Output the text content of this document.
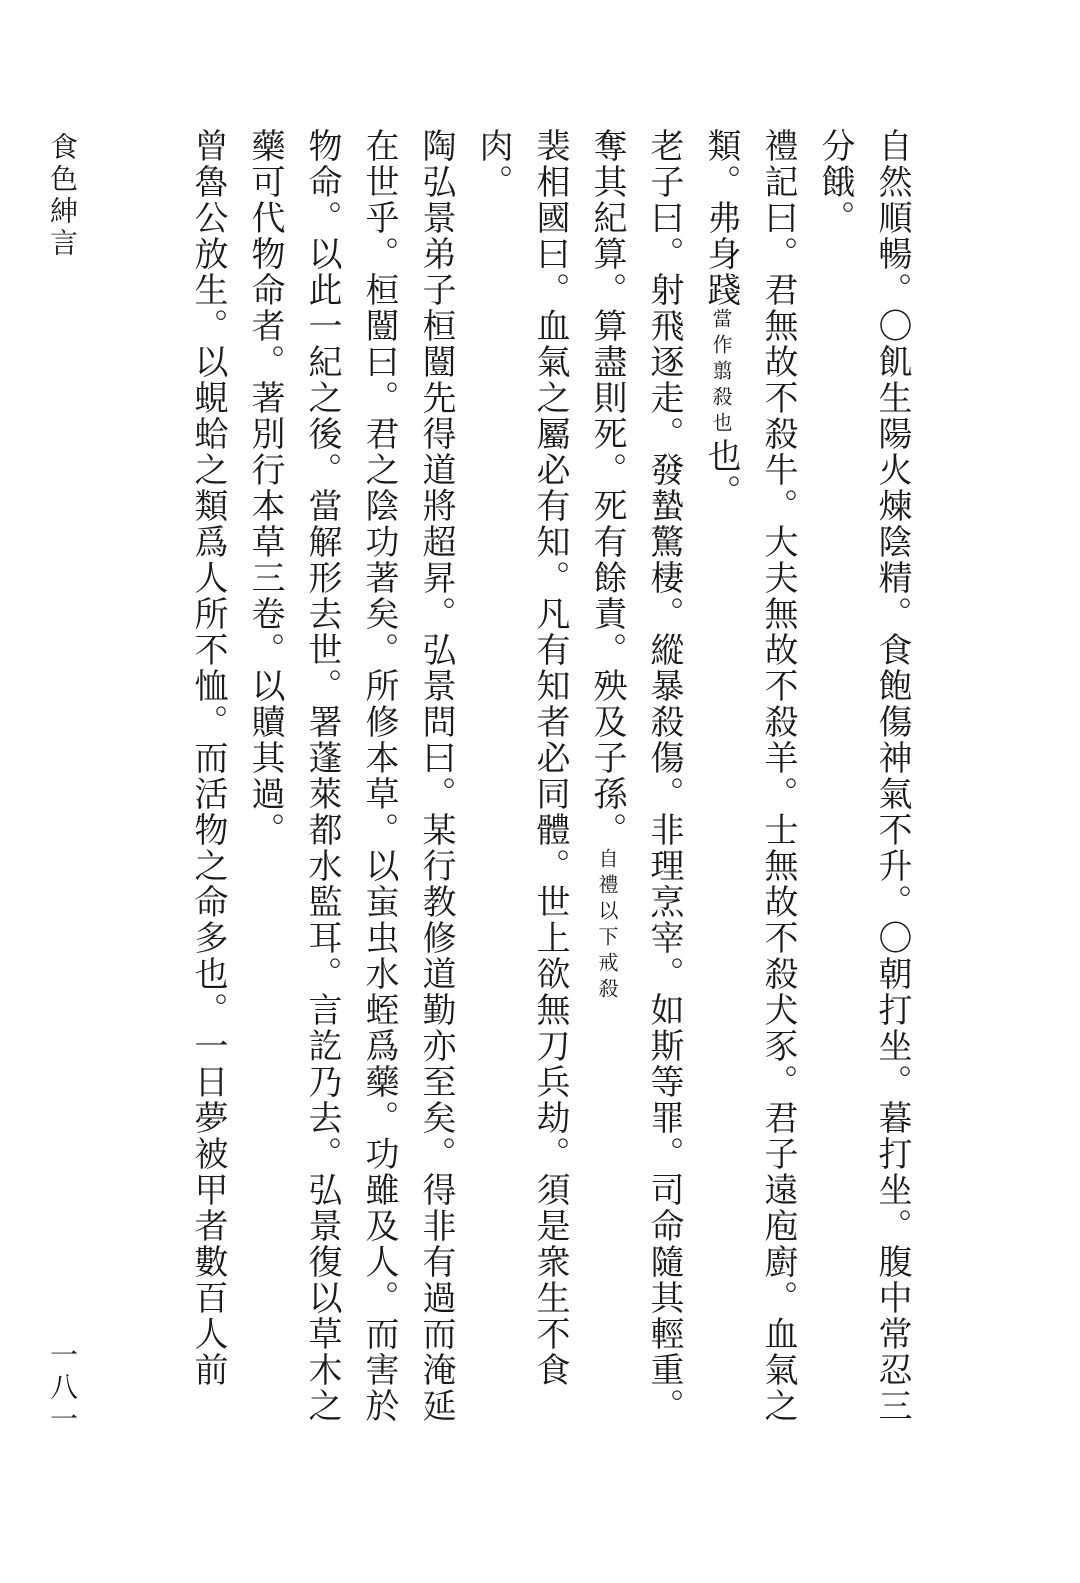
食色紳言
一八一	自然順暢。〇飢生陽火煉陰精。食飽傷神氣不升。〇朝打坐。暮打坐。腹中常忍三分餓。

禮記曰。君無故不殺牛。大夫無故不殺羊。士無故不殺犬豕。君子遠庖廚。血氣之類。弗身踐當作翦殺也也。

老子曰。射飛逐走。發蟄驚棲。縱暴殺傷。非理烹宰。如斯等罪。司命隨其輕重。奪其紀算。算盡則死。死有餘責。殃及子孫。自禮以下戒殺

裴相國曰。血氣之屬必有知。凡有知者必同體。世上欲無刀兵劫。須是衆生不食肉。

陶弘景弟子桓闓先得道將超昇。弘景問曰。某行教修道勤亦至矣。得非有過而淹延在世乎。桓闓曰。君之陰功著矣。所修本草。以䖟虫水蛭爲藥。功雖及人。而害於物命。以此一紀之後。當解形去世。署蓬萊都水監耳。言訖乃去。弘景復以草木之藥可代物命者。著別行本草三卷。以贖其過。

曾魯公放生。以蜆蛤之類爲人所不恤。而活物之命多也。一日夢被甲者數百人前
